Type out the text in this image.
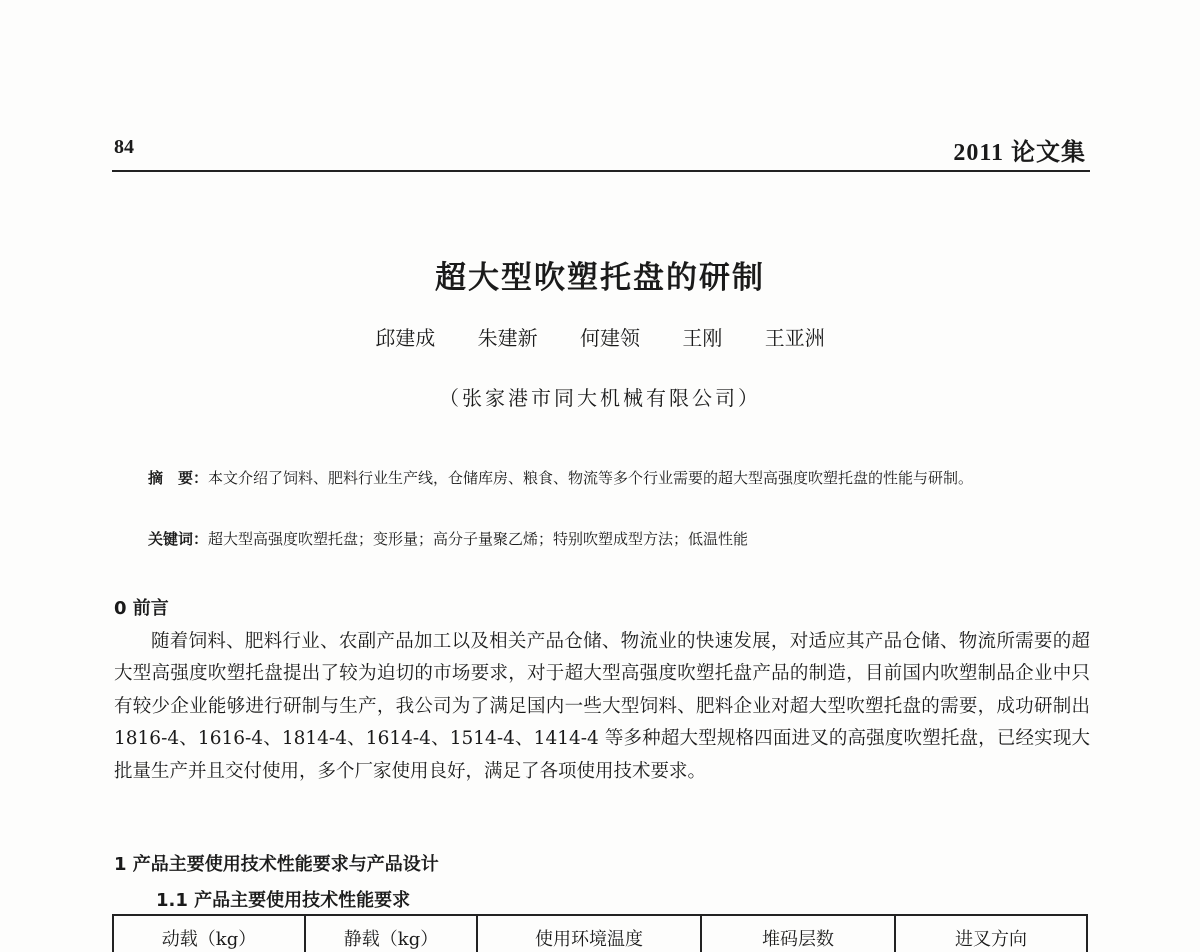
84	2011 论文集
超大型吹塑托盘的研制
邱建成 朱建新 何建领 王刚 王亚洲
（张家港市同大机械有限公司）
摘　要：本文介绍了饲料、肥料行业生产线，仓储库房、粮食、物流等多个行业需要的超大型高强度吹塑托盘的性能与研制。
关键词：超大型高强度吹塑托盘；变形量；高分子量聚乙烯；特别吹塑成型方法；低温性能
0 前言

随着饲料、肥料行业、农副产品加工以及相关产品仓储、物流业的快速发展，对适应其产品仓储、物流所需要的超大型高强度吹塑托盘提出了较为迫切的市场要求，对于超大型高强度吹塑托盘产品的制造，目前国内吹塑制品企业中只有较少企业能够进行研制与生产，我公司为了满足国内一些大型饲料、肥料企业对超大型吹塑托盘的需要，成功研制出 1816-4、1616-4、1814-4、1614-4、1514-4、1414-4 等多种超大型规格四面进叉的高强度吹塑托盘，已经实现大批量生产并且交付使用，多个厂家使用良好，满足了各项使用技术要求。

1 产品主要使用技术性能要求与产品设计
1.1 产品主要使用技术性能要求
动载（kg）	静载（kg）	使用环境温度	堆码层数	进叉方向
